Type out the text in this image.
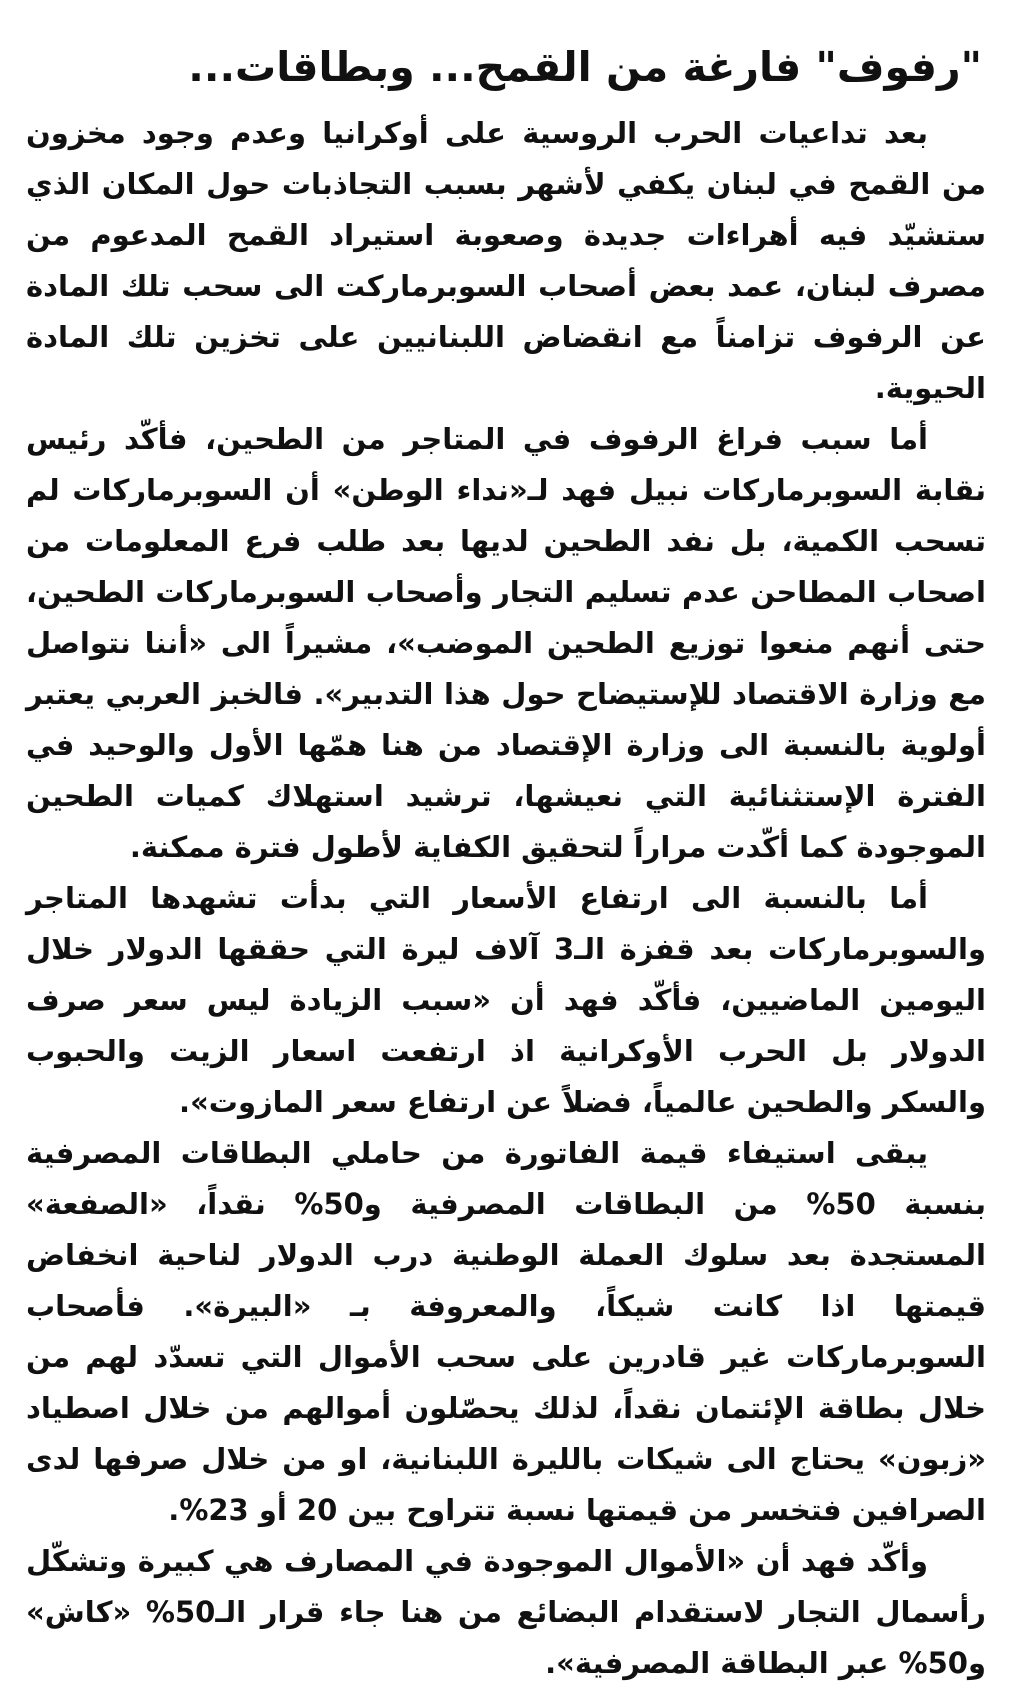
"رفوف" فارغة من القمح... وبطاقات...

بعد تداعيات الحرب الروسية على أوكرانيا وعدم وجود مخزون من القمح في لبنان يكفي لأشهر بسبب التجاذبات حول المكان الذي ستشيّد فيه أهراءات جديدة وصعوبة استيراد القمح المدعوم من مصرف لبنان، عمد بعض أصحاب السوبرماركت الى سحب تلك المادة عن الرفوف تزامناً مع انقضاض اللبنانيين على تخزين تلك المادة الحيوية.

أما سبب فراغ الرفوف في المتاجر من الطحين، فأكّد رئيس نقابة السوبرماركات نبيل فهد لـ«نداء الوطن» أن السوبرماركات لم تسحب الكمية، بل نفد الطحين لديها بعد طلب فرع المعلومات من اصحاب المطاحن عدم تسليم التجار وأصحاب السوبرماركات الطحين، حتى أنهم منعوا توزيع الطحين الموضب»، مشيراً الى «أننا نتواصل مع وزارة الاقتصاد للإستيضاح حول هذا التدبير». فالخبز العربي يعتبر أولوية بالنسبة الى وزارة الإقتصاد من هنا همّها الأول والوحيد في الفترة الإستثنائية التي نعيشها، ترشيد استهلاك كميات الطحين الموجودة كما أكّدت مراراً لتحقيق الكفاية لأطول فترة ممكنة.

أما بالنسبة الى ارتفاع الأسعار التي بدأت تشهدها المتاجر والسوبرماركات بعد قفزة الـ3 آلاف ليرة التي حققها الدولار خلال اليومين الماضيين، فأكّد فهد أن «سبب الزيادة ليس سعر صرف الدولار بل الحرب الأوكرانية اذ ارتفعت اسعار الزيت والحبوب والسكر والطحين عالمياً، فضلاً عن ارتفاع سعر المازوت».

يبقى استيفاء قيمة الفاتورة من حاملي البطاقات المصرفية بنسبة 50% من البطاقات المصرفية و50% نقداً، «الصفعة» المستجدة بعد سلوك العملة الوطنية درب الدولار لناحية انخفاض قيمتها اذا كانت شيكاً، والمعروفة بـ «البيرة». فأصحاب السوبرماركات غير قادرين على سحب الأموال التي تسدّد لهم من خلال بطاقة الإئتمان نقداً، لذلك يحصّلون أموالهم من خلال اصطياد «زبون» يحتاج الى شيكات بالليرة اللبنانية، او من خلال صرفها لدى الصرافين فتخسر من قيمتها نسبة تتراوح بين 20 أو 23%.

وأكّد فهد أن «الأموال الموجودة في المصارف هي كبيرة وتشكّل رأسمال التجار لاستقدام البضائع من هنا جاء قرار الـ50% «كاش» و50% عبر البطاقة المصرفية».
